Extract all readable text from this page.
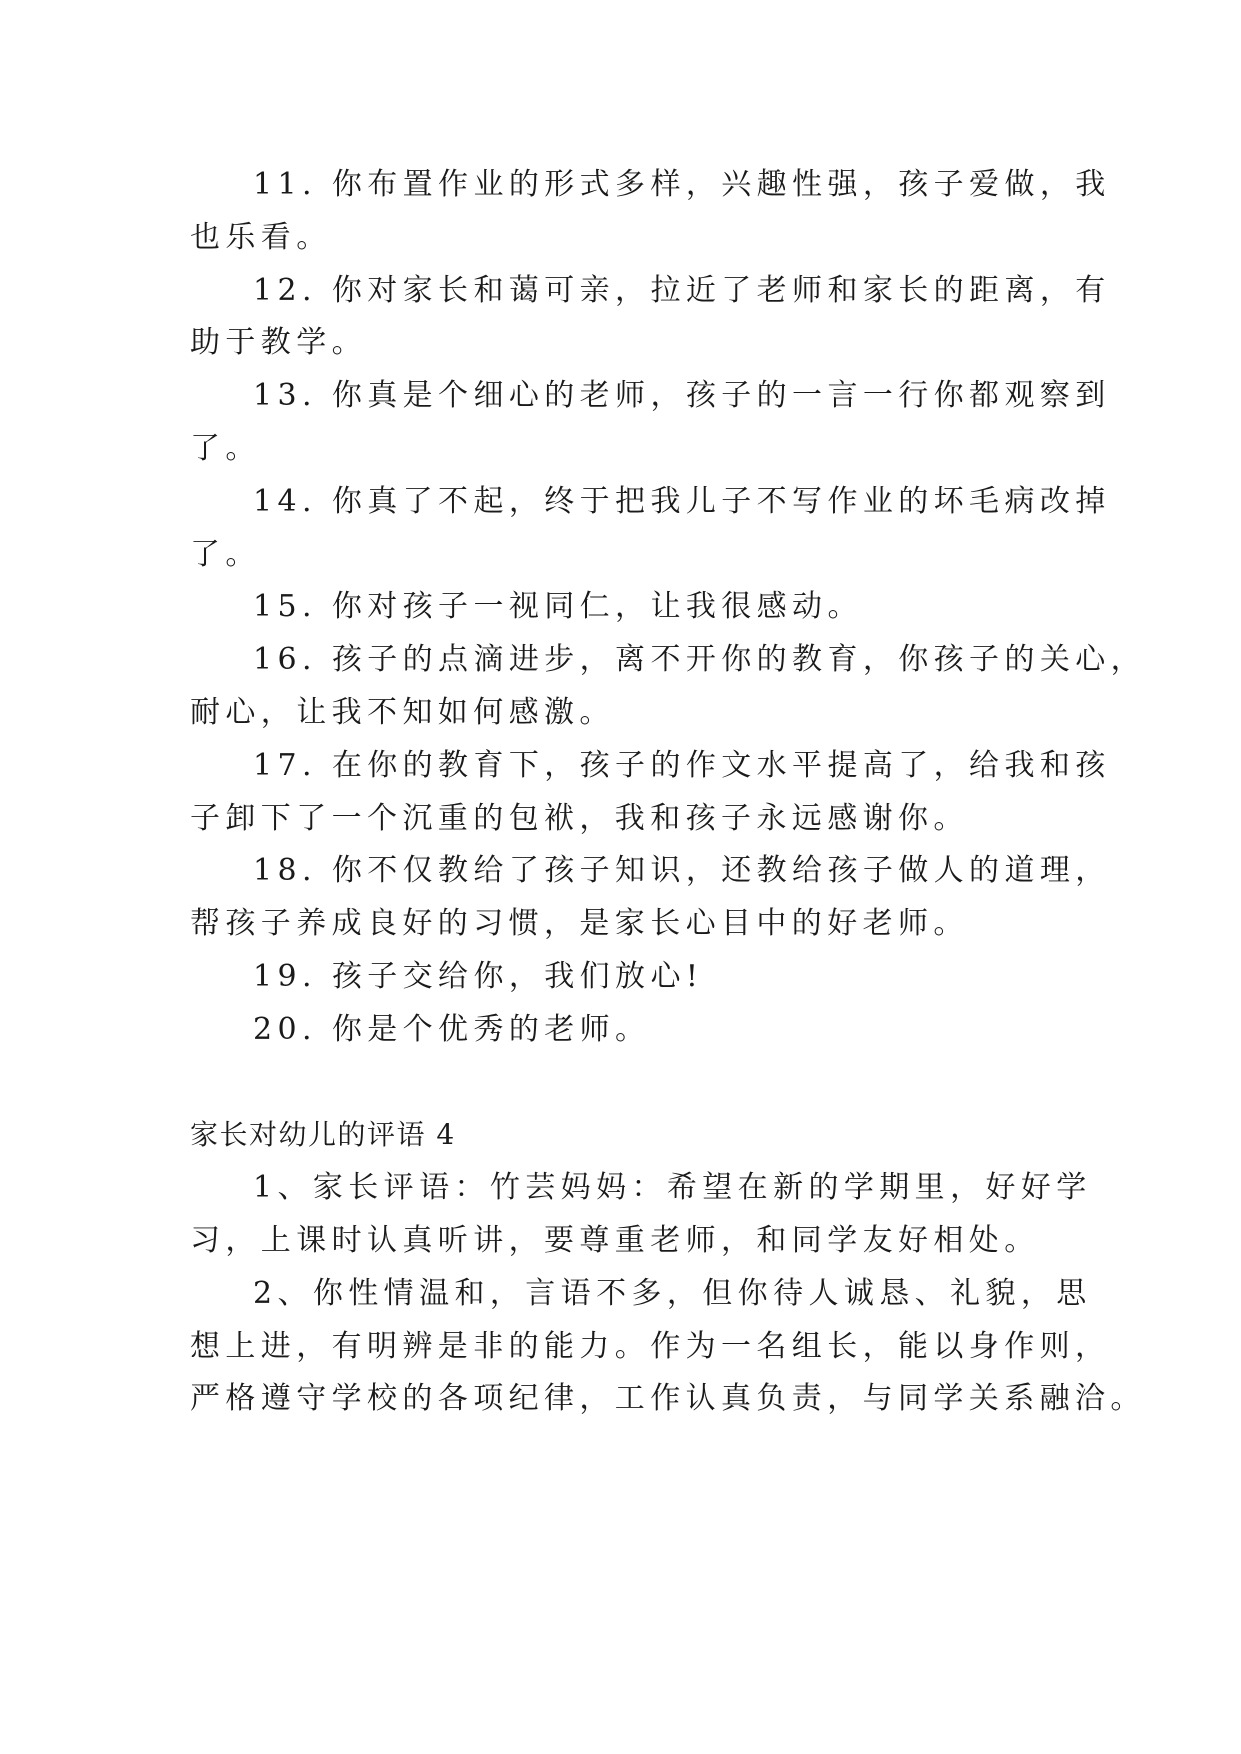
11. 你布置作业的形式多样，兴趣性强，孩子爱做，我
也乐看。
12. 你对家长和蔼可亲，拉近了老师和家长的距离，有
助于教学。
13. 你真是个细心的老师，孩子的一言一行你都观察到
了。
14. 你真了不起，终于把我儿子不写作业的坏毛病改掉
了。
15. 你对孩子一视同仁，让我很感动。
16. 孩子的点滴进步，离不开你的教育，你孩子的关心，
耐心，让我不知如何感激。
17. 在你的教育下，孩子的作文水平提高了，给我和孩
子卸下了一个沉重的包袱，我和孩子永远感谢你。
18. 你不仅教给了孩子知识，还教给孩子做人的道理，
帮孩子养成良好的习惯，是家长心目中的好老师。
19. 孩子交给你，我们放心!
20. 你是个优秀的老师。
家长对幼儿的评语 4
1、家长评语：竹芸妈妈：希望在新的学期里，好好学
习，上课时认真听讲，要尊重老师，和同学友好相处。
2、你性情温和，言语不多，但你待人诚恳、礼貌，思
想上进，有明辨是非的能力。作为一名组长，能以身作则，
严格遵守学校的各项纪律，工作认真负责，与同学关系融洽。
